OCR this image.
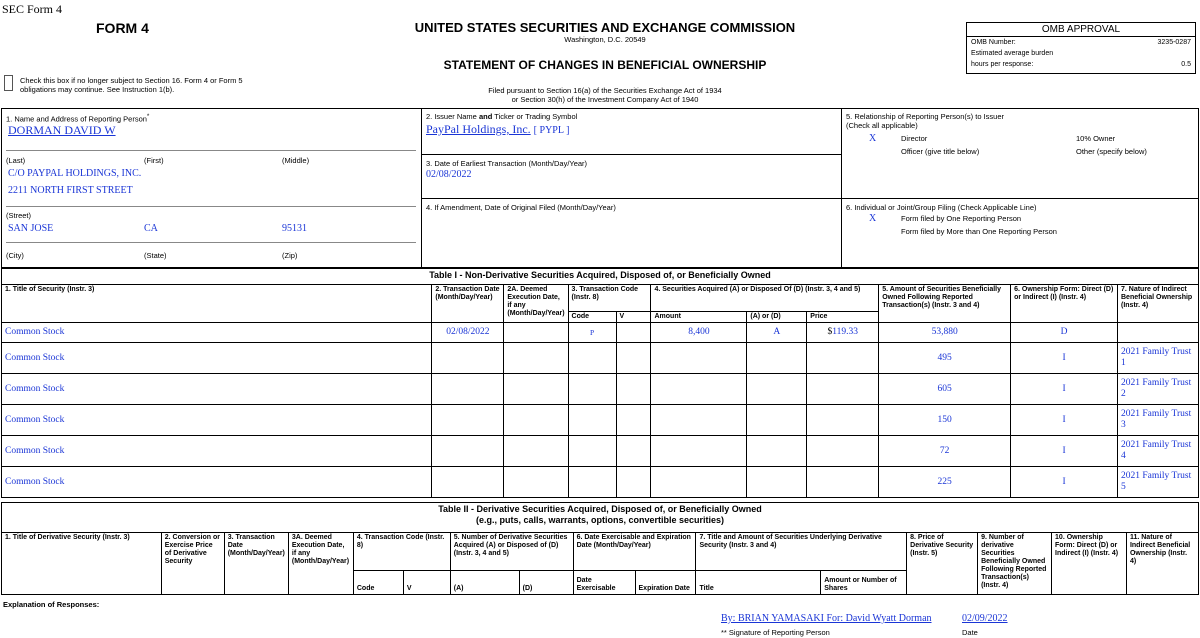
SEC Form 4
FORM 4	UNITED STATES SECURITIES AND EXCHANGE COMMISSION
Washington, D.C. 20549
STATEMENT OF CHANGES IN BENEFICIAL OWNERSHIP
Filed pursuant to Section 16(a) of the Securities Exchange Act of 1934
or Section 30(h) of the Investment Company Act of 1940
OMB APPROVAL
OMB Number:	3235-0287
Estimated average burden
hours per response:	0.5
Check this box if no longer subject to Section 16. Form 4 or Form 5
obligations may continue. See Instruction 1(b).
1. Name and Address of Reporting Person*
DORMAN DAVID W
(Last)	(First)	(Middle)
C/O PAYPAL HOLDINGS, INC.
2211 NORTH FIRST STREET
(Street)
SAN JOSE	CA	95131
(City)	(State)	(Zip)
2. Issuer Name and Ticker or Trading Symbol
PayPal Holdings, Inc. [ PYPL ]
3. Date of Earliest Transaction (Month/Day/Year)
02/08/2022
4. If Amendment, Date of Original Filed (Month/Day/Year)
5. Relationship of Reporting Person(s) to Issuer
(Check all applicable)
X	Director	10% Owner
Officer (give title below)	Other (specify below)
6. Individual or Joint/Group Filing (Check Applicable Line)
X	Form filed by One Reporting Person
Form filed by More than One Reporting Person
Table I - Non-Derivative Securities Acquired, Disposed of, or Beneficially Owned										
1. Title of Security (Instr. 3)	2. Transaction Date (Month/Day/Year)	2A. Deemed Execution Date, if any (Month/Day/Year)	3. Transaction Code (Instr. 8)		4. Securities Acquired (A) or Disposed Of (D) (Instr. 3, 4 and 5)			5. Amount of Securities Beneficially Owned Following Reported Transaction(s) (Instr. 3 and 4)	6. Ownership Form: Direct (D) or Indirect (I) (Instr. 4)	7. Nature of Indirect Beneficial Ownership (Instr. 4)
			Code	V	Amount	(A) or (D)	Price			
Common Stock	02/08/2022		P		8,400	A	$119.33	53,880	D	
Common Stock								495	I	2021 Family Trust 1
Common Stock								605	I	2021 Family Trust 2
Common Stock								150	I	2021 Family Trust 3
Common Stock								72	I	2021 Family Trust 4
Common Stock								225	I	2021 Family Trust 5
Table II - Derivative Securities Acquired, Disposed of, or Beneficially Owned
(e.g., puts, calls, warrants, options, convertible securities)															

1. Title of Derivative Security (Instr. 3)	2. Conversion or Exercise Price of Derivative Security	3. Transaction Date (Month/Day/Year)	3A. Deemed Execution Date, if any (Month/Day/Year)	4. Transaction Code (Instr. 8)		5. Number of Derivative Securities Acquired (A) or Disposed of (D) (Instr. 3, 4 and 5)		6. Date Exercisable and Expiration Date (Month/Day/Year)		7. Title and Amount of Securities Underlying Derivative Security (Instr. 3 and 4)		8. Price of Derivative Security (Instr. 5)	9. Number of derivative Securities Beneficially Owned Following Reported Transaction(s) (Instr. 4)	10. Ownership Form: Direct (D) or Indirect (I) (Instr. 4)	11. Nature of Indirect Beneficial Ownership (Instr. 4)
				Code	V	(A)	(D)	Date Exercisable	Expiration Date	Title	Amount or Number of Shares				
Explanation of Responses:
By: BRIAN YAMASAKI For: David Wyatt Dorman
** Signature of Reporting Person
02/09/2022
Date
